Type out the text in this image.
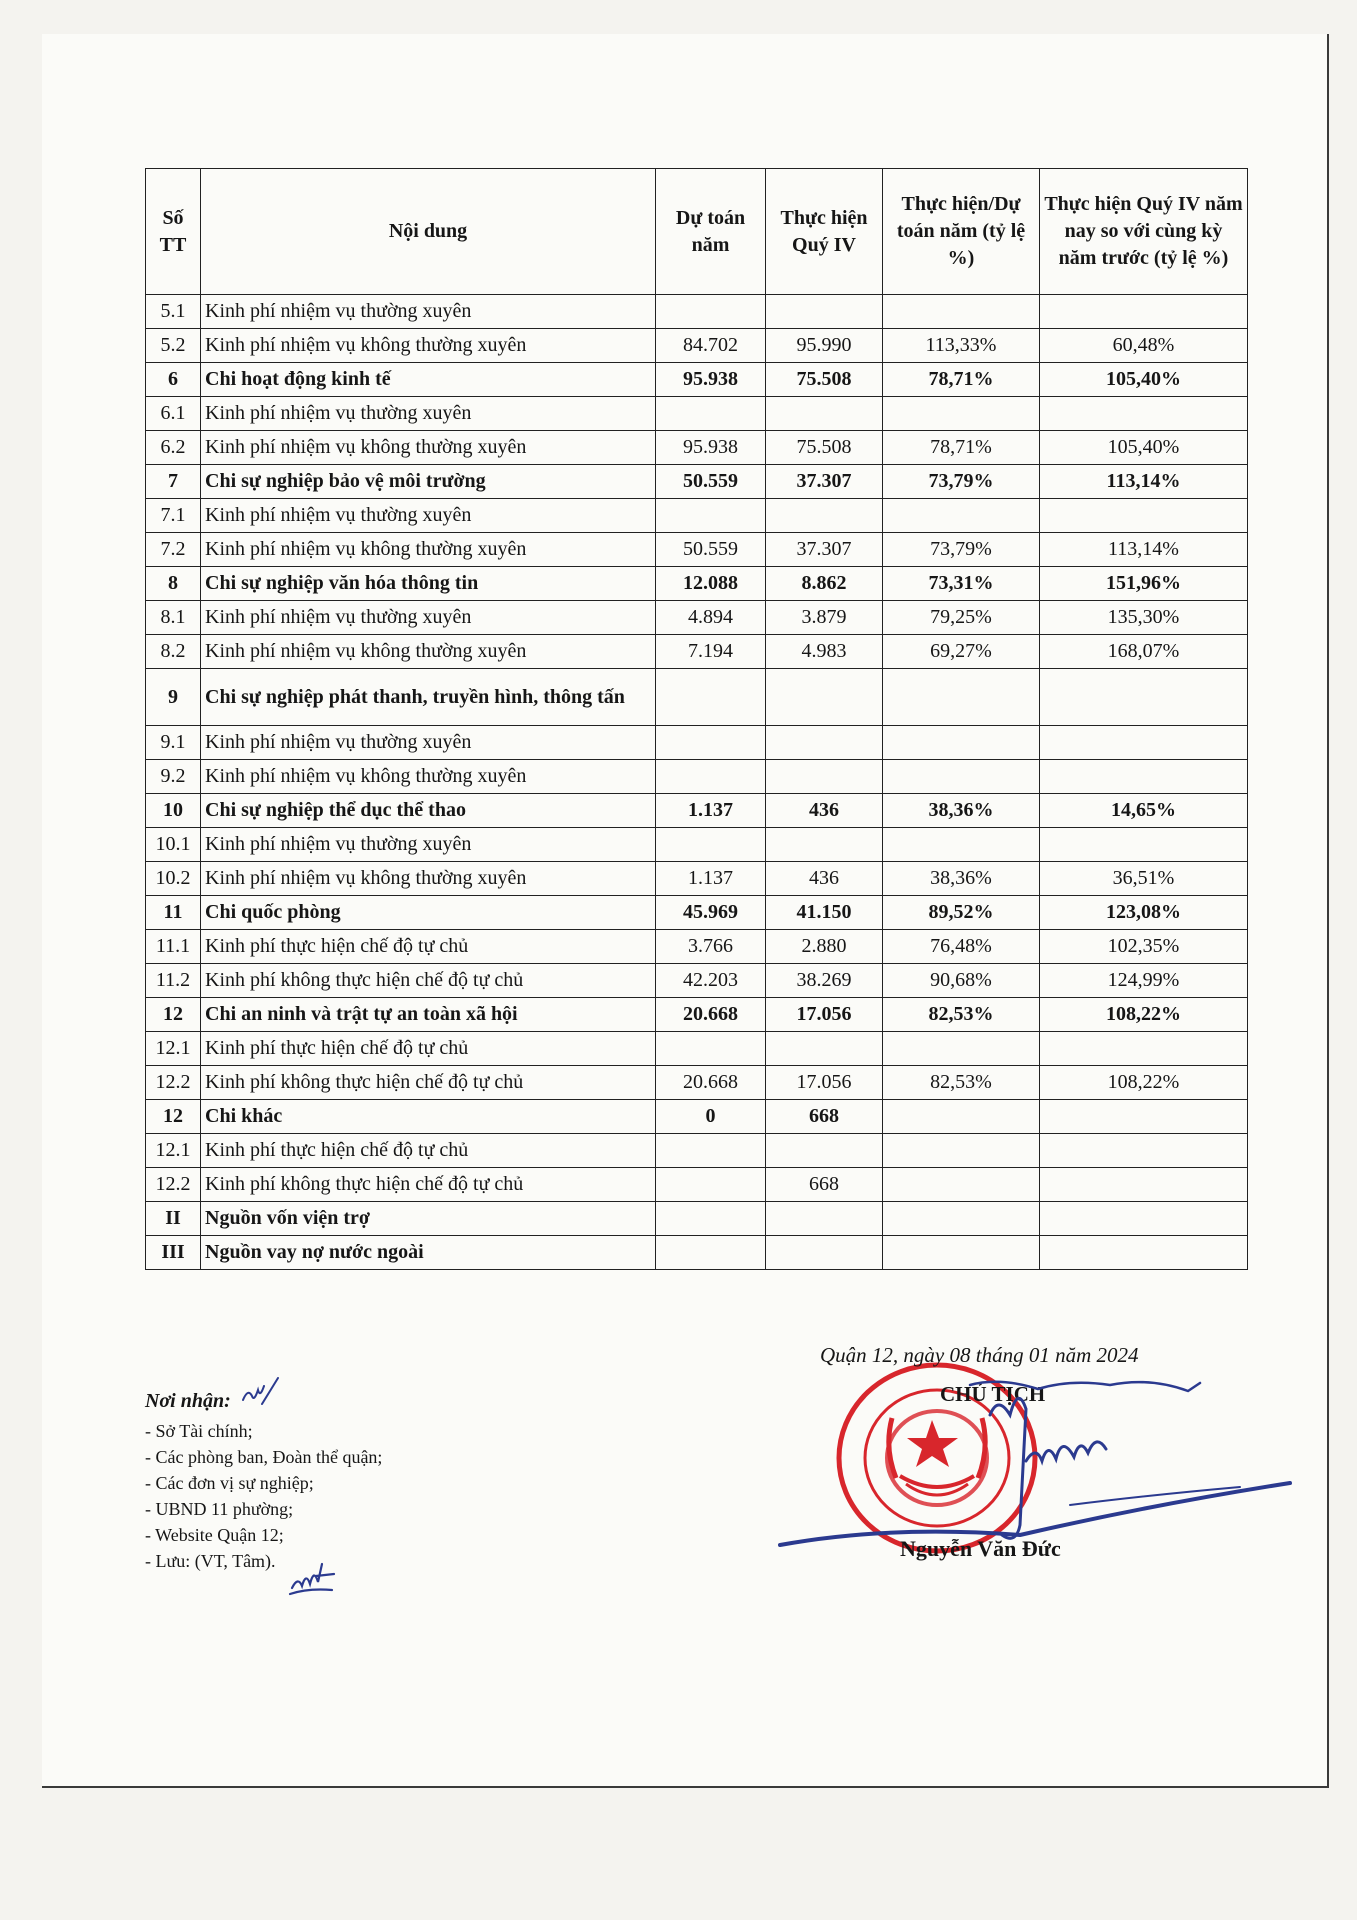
Số TT	Nội dung	Dự toán năm	Thực hiện Quý IV	Thực hiện/Dự toán năm (tỷ lệ %)	Thực hiện Quý IV năm nay so với cùng kỳ năm trước (tỷ lệ %)
5.1	Kinh phí nhiệm vụ thường xuyên				
5.2	Kinh phí nhiệm vụ không thường xuyên	84.702	95.990	113,33%	60,48%
6	Chi hoạt động kinh tế	95.938	75.508	78,71%	105,40%
6.1	Kinh phí nhiệm vụ thường xuyên				
6.2	Kinh phí nhiệm vụ không thường xuyên	95.938	75.508	78,71%	105,40%
7	Chi sự nghiệp bảo vệ môi trường	50.559	37.307	73,79%	113,14%
7.1	Kinh phí nhiệm vụ thường xuyên				
7.2	Kinh phí nhiệm vụ không thường xuyên	50.559	37.307	73,79%	113,14%
8	Chi sự nghiệp văn hóa thông tin	12.088	8.862	73,31%	151,96%
8.1	Kinh phí nhiệm vụ thường xuyên	4.894	3.879	79,25%	135,30%
8.2	Kinh phí nhiệm vụ không thường xuyên	7.194	4.983	69,27%	168,07%
9	Chi sự nghiệp phát thanh, truyền hình, thông tấn				
9.1	Kinh phí nhiệm vụ thường xuyên				
9.2	Kinh phí nhiệm vụ không thường xuyên				
10	Chi sự nghiệp thể dục thể thao	1.137	436	38,36%	14,65%
10.1	Kinh phí nhiệm vụ thường xuyên				
10.2	Kinh phí nhiệm vụ không thường xuyên	1.137	436	38,36%	36,51%
11	Chi quốc phòng	45.969	41.150	89,52%	123,08%
11.1	Kinh phí thực hiện chế độ tự chủ	3.766	2.880	76,48%	102,35%
11.2	Kinh phí không thực hiện chế độ tự chủ	42.203	38.269	90,68%	124,99%
12	Chi an ninh và trật tự an toàn xã hội	20.668	17.056	82,53%	108,22%
12.1	Kinh phí thực hiện chế độ tự chủ				
12.2	Kinh phí không thực hiện chế độ tự chủ	20.668	17.056	82,53%	108,22%
12	Chi khác	0	668		
12.1	Kinh phí thực hiện chế độ tự chủ				
12.2	Kinh phí không thực hiện chế độ tự chủ		668		
II	Nguồn vốn viện trợ				
III	Nguồn vay nợ nước ngoài				
Nơi nhận:
- Sở Tài chính;
- Các phòng ban, Đoàn thể quận;
- Các đơn vị sự nghiệp;
- UBND 11 phường;
- Website Quận 12;
- Lưu: (VT, Tâm).
Quận 12, ngày 08 tháng 01 năm 2024
CHỦ TỊCH
Nguyễn Văn Đức
